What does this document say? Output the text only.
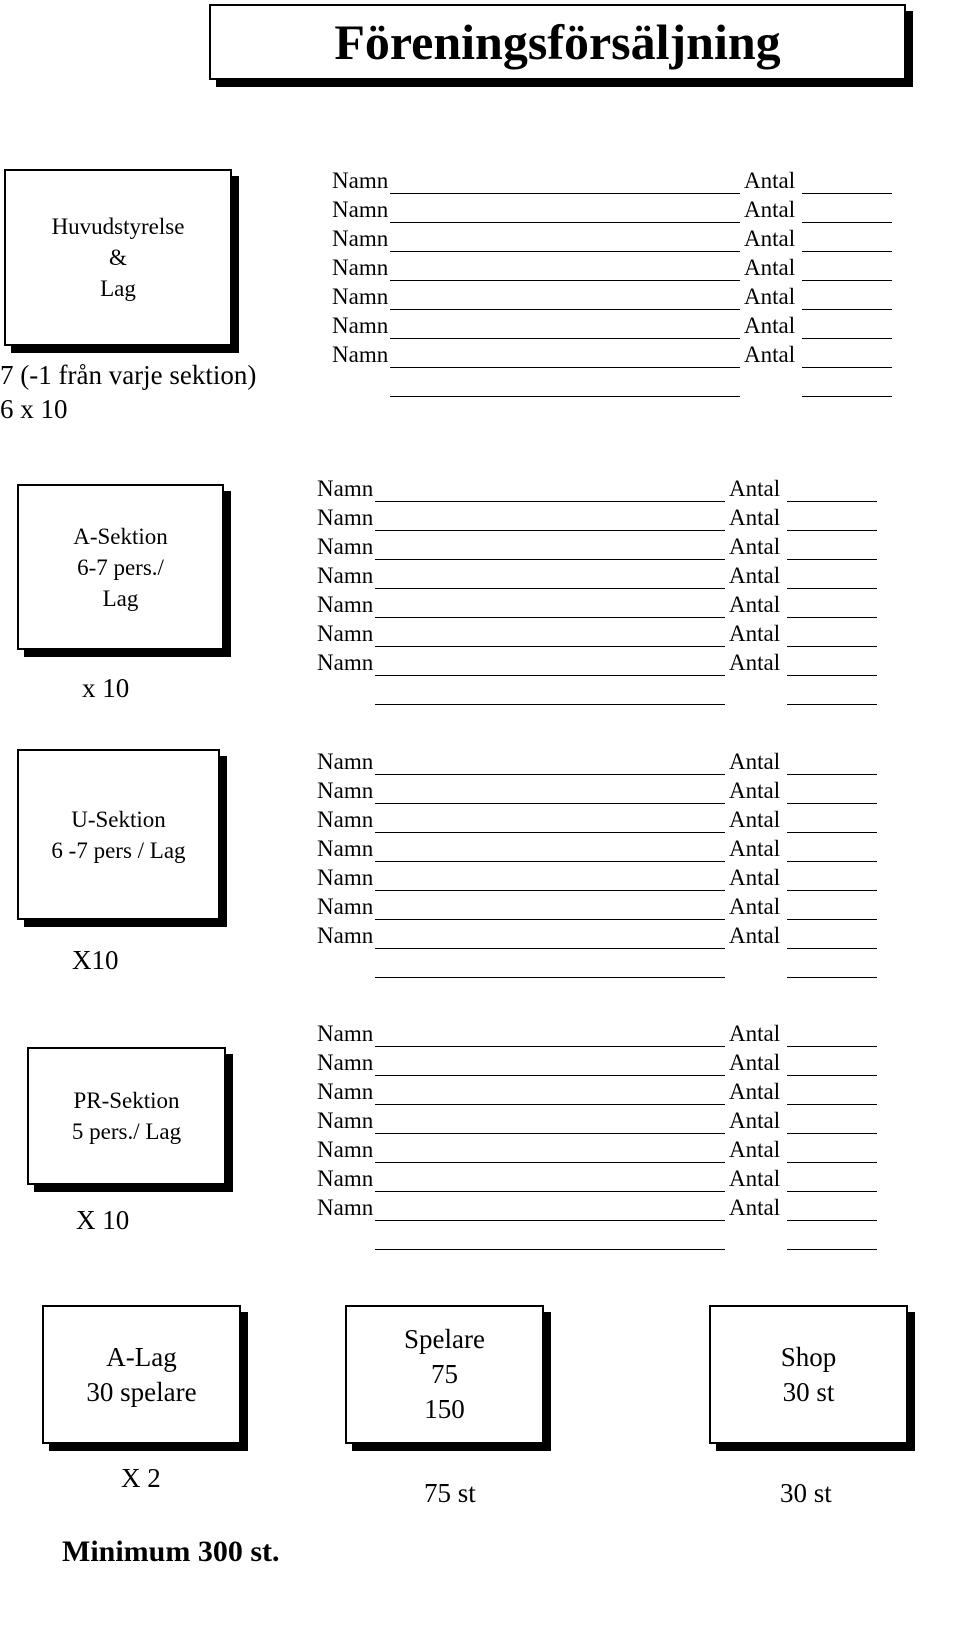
Föreningsförsäljning
Huvudstyrelse
&
Lag
7 (-1 från varje sektion)
6 x 10
A-Sektion
6-7 pers./
Lag
x 10
U-Sektion
6 -7 pers / Lag
X10
PR-Sektion
5 pers./ Lag
X 10
Namn	Antal
Namn	Antal
Namn	Antal
Namn	Antal
Namn	Antal
Namn	Antal
Namn	Antal
Namn	Antal
Namn	Antal
Namn	Antal
Namn	Antal
Namn	Antal
Namn	Antal
Namn	Antal
Namn	Antal
Namn	Antal
Namn	Antal
Namn	Antal
Namn	Antal
Namn	Antal
Namn	Antal
Namn	Antal
Namn	Antal
Namn	Antal
Namn	Antal
Namn	Antal
Namn	Antal
Namn	Antal
A-Lag
30 spelare
X 2
Spelare
75
150
75 st
Shop
30 st
30 st
Minimum 300 st.
